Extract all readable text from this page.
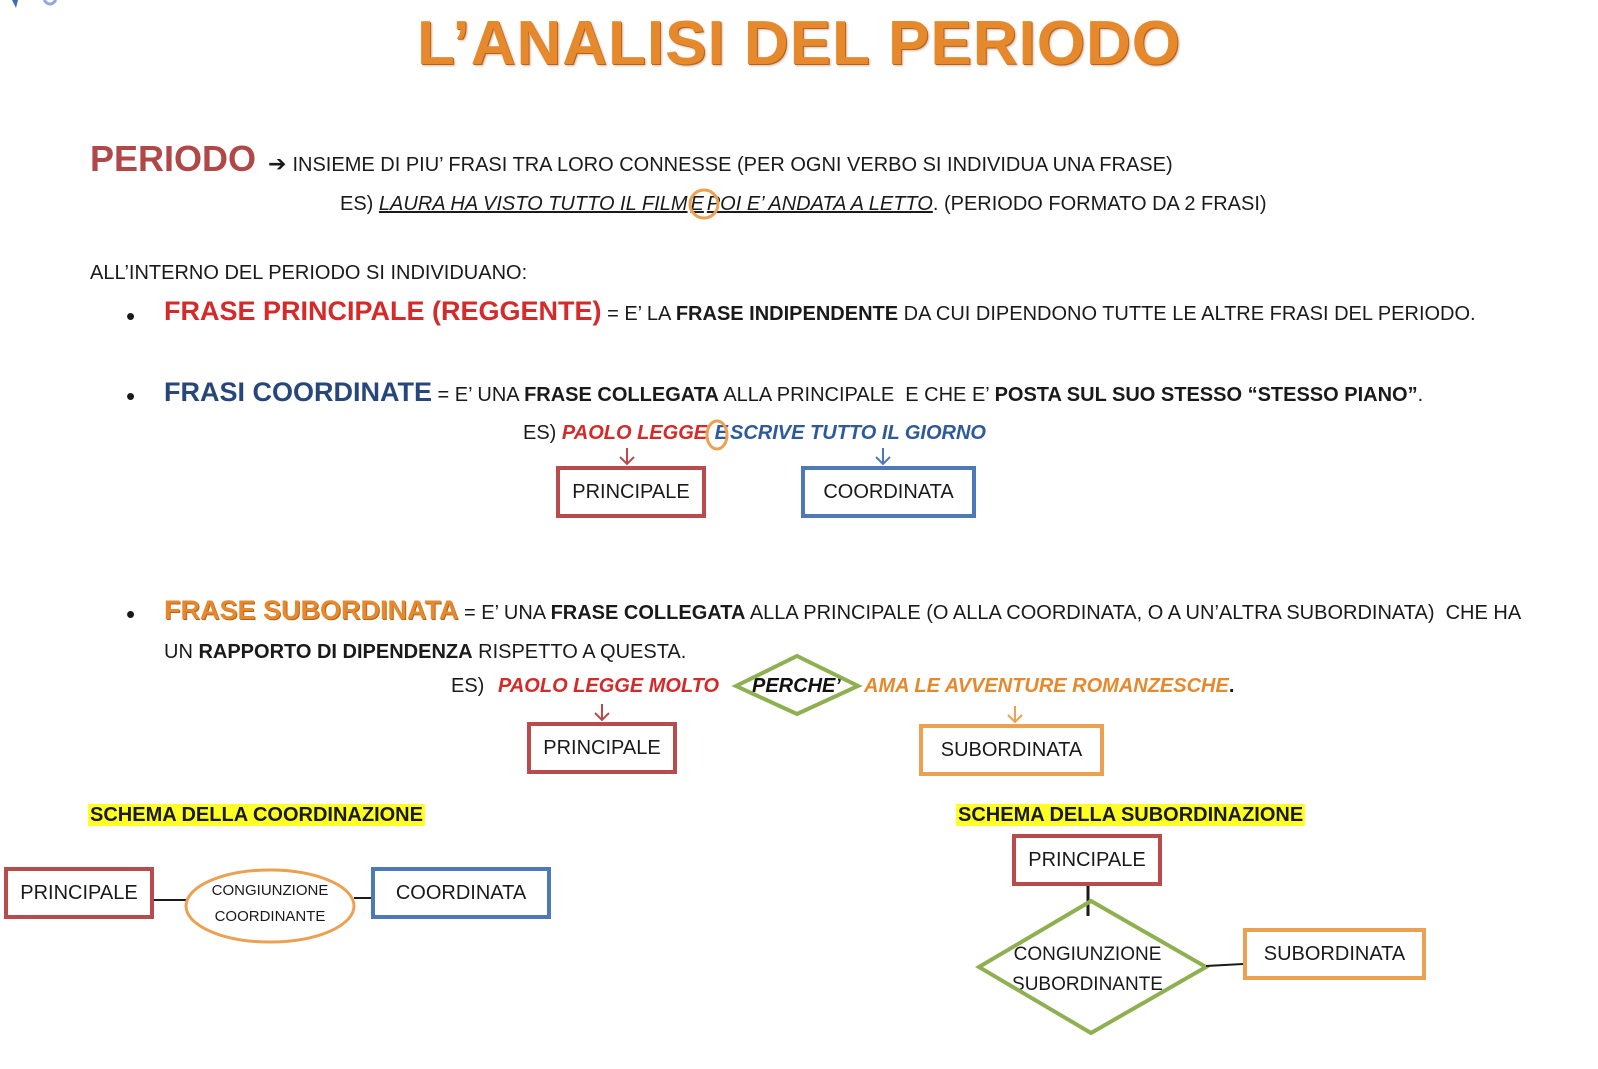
L’ANALISI DEL PERIODO
PERIODO ➔ INSIEME DI PIU’ FRASI TRA LORO CONNESSE (PER OGNI VERBO SI INDIVIDUA UNA FRASE)
ES) LAURA HA VISTO TUTTO IL FILM E POI E’ ANDATA A LETTO. (PERIODO FORMATO DA 2 FRASI)
ALL’INTERNO DEL PERIODO SI INDIVIDUANO:
• FRASE PRINCIPALE (REGGENTE) = E’ LA FRASE INDIPENDENTE DA CUI DIPENDONO TUTTE LE ALTRE FRASI DEL PERIODO.
• FRASI COORDINATE = E’ UNA FRASE COLLEGATA ALLA PRINCIPALE  E CHE E’ POSTA SUL SUO STESSO “STESSO PIANO” .
ES) PAOLO LEGGE E SCRIVE TUTTO IL GIORNO
PRINCIPALE	COORDINATA
• FRASE SUBORDINATA = E’ UNA FRASE COLLEGATA ALLA PRINCIPALE (O ALLA COORDINATA, O A UN’ALTRA SUBORDINATA)  CHE HA
UN RAPPORTO DI DIPENDENZA RISPETTO A QUESTA.
ES) PAOLO LEGGE MOLTO PERCHE’ AMA LE AVVENTURE ROMANZESCHE.
PRINCIPALE	SUBORDINATA
SCHEMA DELLA COORDINAZIONE	SCHEMA DELLA SUBORDINAZIONE
PRINCIPALE	COORDINATA
CONGIUNZIONE
COORDINANTE
PRINCIPALE
SUBORDINATA
CONGIUNZIONE
SUBORDINANTE
